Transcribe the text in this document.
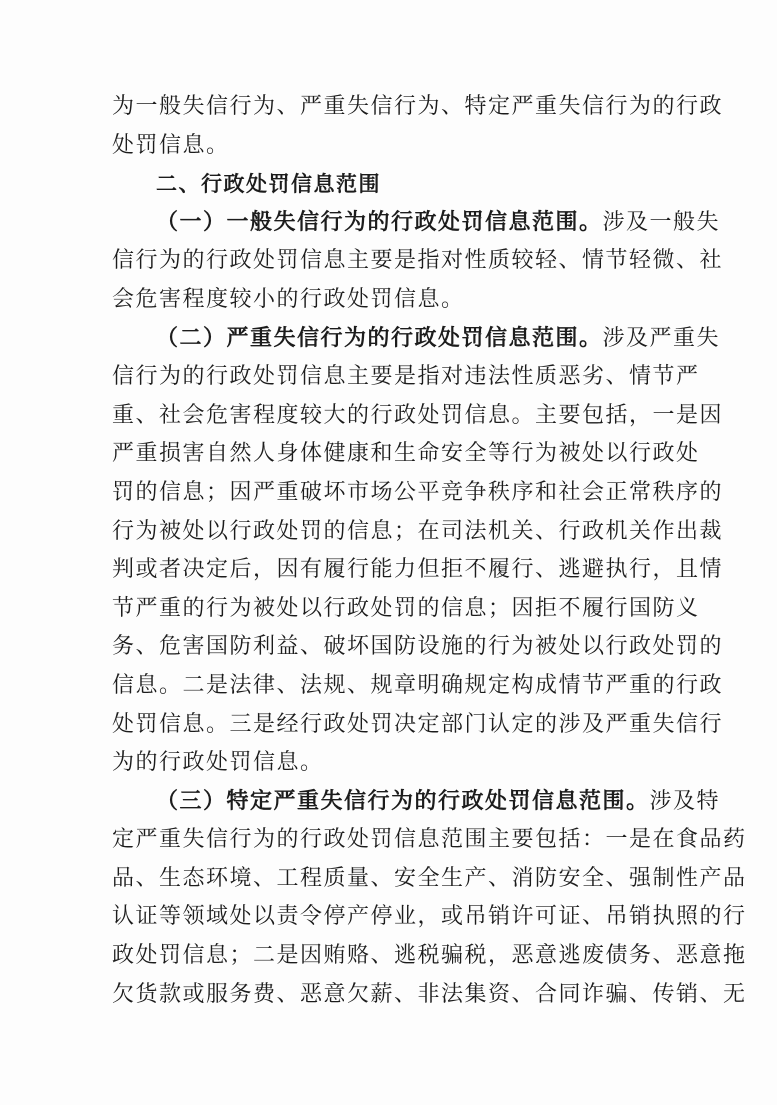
为一般失信行为、严重失信行为、特定严重失信行为的行政
处罚信息。
二、行政处罚信息范围
（一）一般失信行为的行政处罚信息范围。涉及一般失
信行为的行政处罚信息主要是指对性质较轻、情节轻微、社
会危害程度较小的行政处罚信息。
（二）严重失信行为的行政处罚信息范围。涉及严重失
信行为的行政处罚信息主要是指对违法性质恶劣、情节严
重、社会危害程度较大的行政处罚信息。主要包括，一是因
严重损害自然人身体健康和生命安全等行为被处以行政处
罚的信息；因严重破坏市场公平竞争秩序和社会正常秩序的
行为被处以行政处罚的信息；在司法机关、行政机关作出裁
判或者决定后，因有履行能力但拒不履行、逃避执行，且情
节严重的行为被处以行政处罚的信息；因拒不履行国防义
务、危害国防利益、破坏国防设施的行为被处以行政处罚的
信息。二是法律、法规、规章明确规定构成情节严重的行政
处罚信息。三是经行政处罚决定部门认定的涉及严重失信行
为的行政处罚信息。
（三）特定严重失信行为的行政处罚信息范围。涉及特
定严重失信行为的行政处罚信息范围主要包括：一是在食品药
品、生态环境、工程质量、安全生产、消防安全、强制性产品
认证等领域处以责令停产停业，或吊销许可证、吊销执照的行
政处罚信息；二是因贿赂、逃税骗税，恶意逃废债务、恶意拖
欠货款或服务费、恶意欠薪、非法集资、合同诈骗、传销、无
